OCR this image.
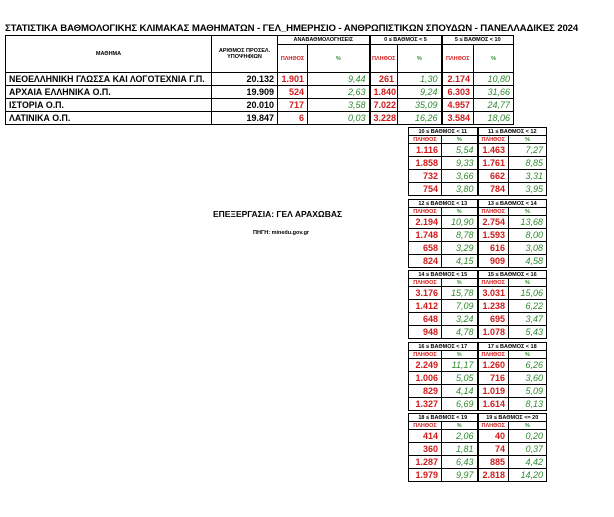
ΣΤΑΤΙΣΤΙΚΑ ΒΑΘΜΟΛΟΓΙΚΗΣ ΚΛΙΜΑΚΑΣ ΜΑΘΗΜΑΤΩΝ - ΓΕΛ_ΗΜΕΡΗΣΙΟ - ΑΝΘΡΩΠΙΣΤΙΚΩΝ ΣΠΟΥΔΩΝ - ΠΑΝΕΛΛΑΔΙΚΕΣ 2024
ΜΑΘΗΜΑ	ΑΡΙΘΜΟΣ ΠΡΟΣΕΛ. ΥΠΟΨΗΦΙΩΝ	ΑΝΑΒΑΘΜΟΛΟΓΗΣΕΙΣ		0 ≤ ΒΑΘΜΟΣ < 5		5 ≤ ΒΑΘΜΟΣ < 10		
		ΠΛΗΘΟΣ	%	ΠΛΗΘΟΣ	%	ΠΛΗΘΟΣ	%	
ΝΕΟΕΛΛΗΝΙΚΗ ΓΛΩΣΣΑ ΚΑΙ ΛΟΓΟΤΕΧΝΙΑ Γ.Π.	20.132	1.901	9,44	261	1,30	2.174	10,80	
ΑΡΧΑΙΑ ΕΛΛΗΝΙΚΑ Ο.Π.	19.909	524	2,63	1.840	9,24	6.303	31,66	
ΙΣΤΟΡΙΑ Ο.Π.	20.010	717	3,58	7.022	35,09	4.957	24,77	
ΛΑΤΙΝΙΚΑ Ο.Π.	19.847	6	0,03	3.228	16,26	3.584	18,06	
ΕΠΕΞΕΡΓΑΣΙΑ: ΓΕΛ ΑΡΑΧΩΒΑΣ
ΠΗΓΗ: minedu.gov.gr
10 ≤ ΒΑΘΜΟΣ < 11		11 ≤ ΒΑΘΜΟΣ < 12	
ΠΛΗΘΟΣ	%	ΠΛΗΘΟΣ	%
1.116	5,54	1.463	7,27
1.858	9,33	1.761	8,85
732	3,66	662	3,31
754	3,80	784	3,95
12 ≤ ΒΑΘΜΟΣ < 13		13 ≤ ΒΑΘΜΟΣ < 14	
ΠΛΗΘΟΣ	%	ΠΛΗΘΟΣ	%
2.194	10,90	2.754	13,68
1.748	8,78	1.593	8,00
658	3,29	616	3,08
824	4,15	909	4,58
14 ≤ ΒΑΘΜΟΣ < 15		15 ≤ ΒΑΘΜΟΣ < 16	
ΠΛΗΘΟΣ	%	ΠΛΗΘΟΣ	%
3.176	15,78	3.031	15,06
1.412	7,09	1.238	6,22
648	3,24	695	3,47
948	4,78	1.078	5,43
16 ≤ ΒΑΘΜΟΣ < 17		17 ≤ ΒΑΘΜΟΣ < 18	
ΠΛΗΘΟΣ	%	ΠΛΗΘΟΣ	%
2.249	11,17	1.260	6,26
1.006	5,05	716	3,60
829	4,14	1.019	5,09
1.327	6,69	1.614	8,13
18 ≤ ΒΑΘΜΟΣ < 19		19 ≤ ΒΑΘΜΟΣ <= 20	
ΠΛΗΘΟΣ	%	ΠΛΗΘΟΣ	%
414	2,06	40	0,20
360	1,81	74	0,37
1.287	6,43	885	4,42
1.979	9,97	2.818	14,20
